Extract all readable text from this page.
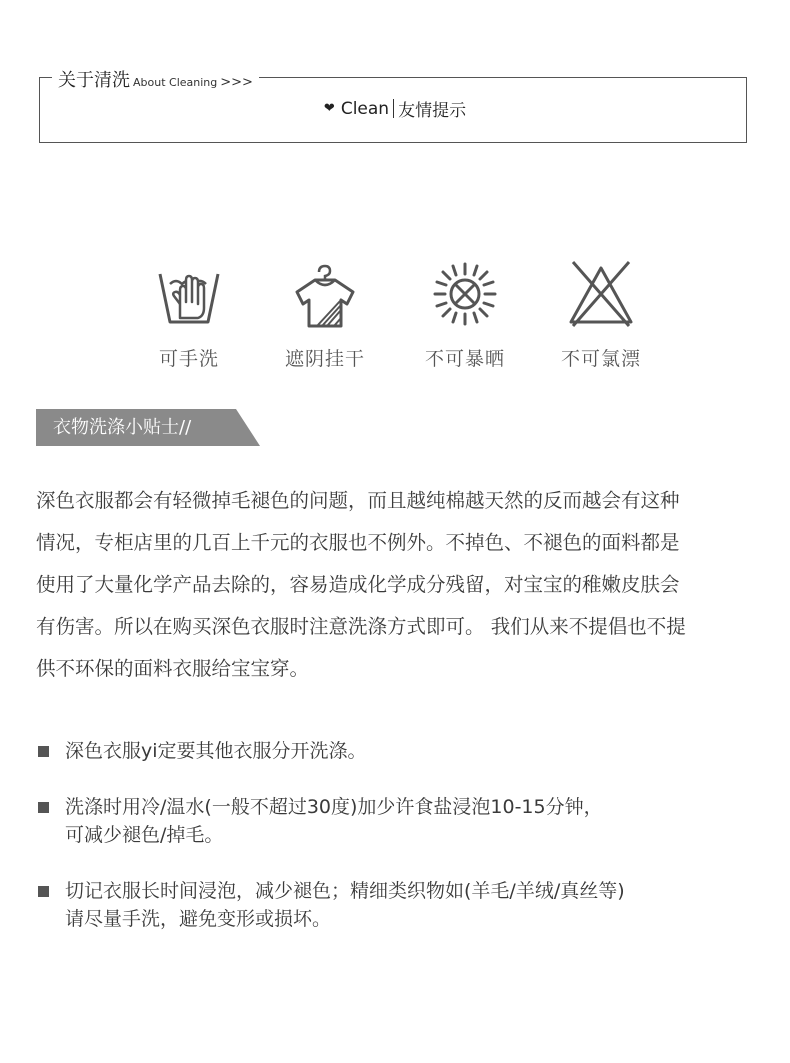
关于清洗 About Cleaning >>>
❤ Clean 友情提示
可手洗	遮阴挂干	不可暴晒	不可氯漂
衣物洗涤小贴士//
深色衣服都会有轻微掉毛褪色的问题，而且越纯棉越天然的反而越会有这种
情况，专柜店里的几百上千元的衣服也不例外。不掉色、不褪色的面料都是
使用了大量化学产品去除的，容易造成化学成分残留，对宝宝的稚嫩皮肤会
有伤害。所以在购买深色衣服时注意洗涤方式即可。 我们从来不提倡也不提
供不环保的面料衣服给宝宝穿。
深色衣服yi定要其他衣服分开洗涤。
洗涤时用冷/温水(一般不超过30度)加少许食盐浸泡10-15分钟，
可减少褪色/掉毛。
切记衣服长时间浸泡，减少褪色；精细类织物如(羊毛/羊绒/真丝等)
请尽量手洗，避免变形或损坏。
